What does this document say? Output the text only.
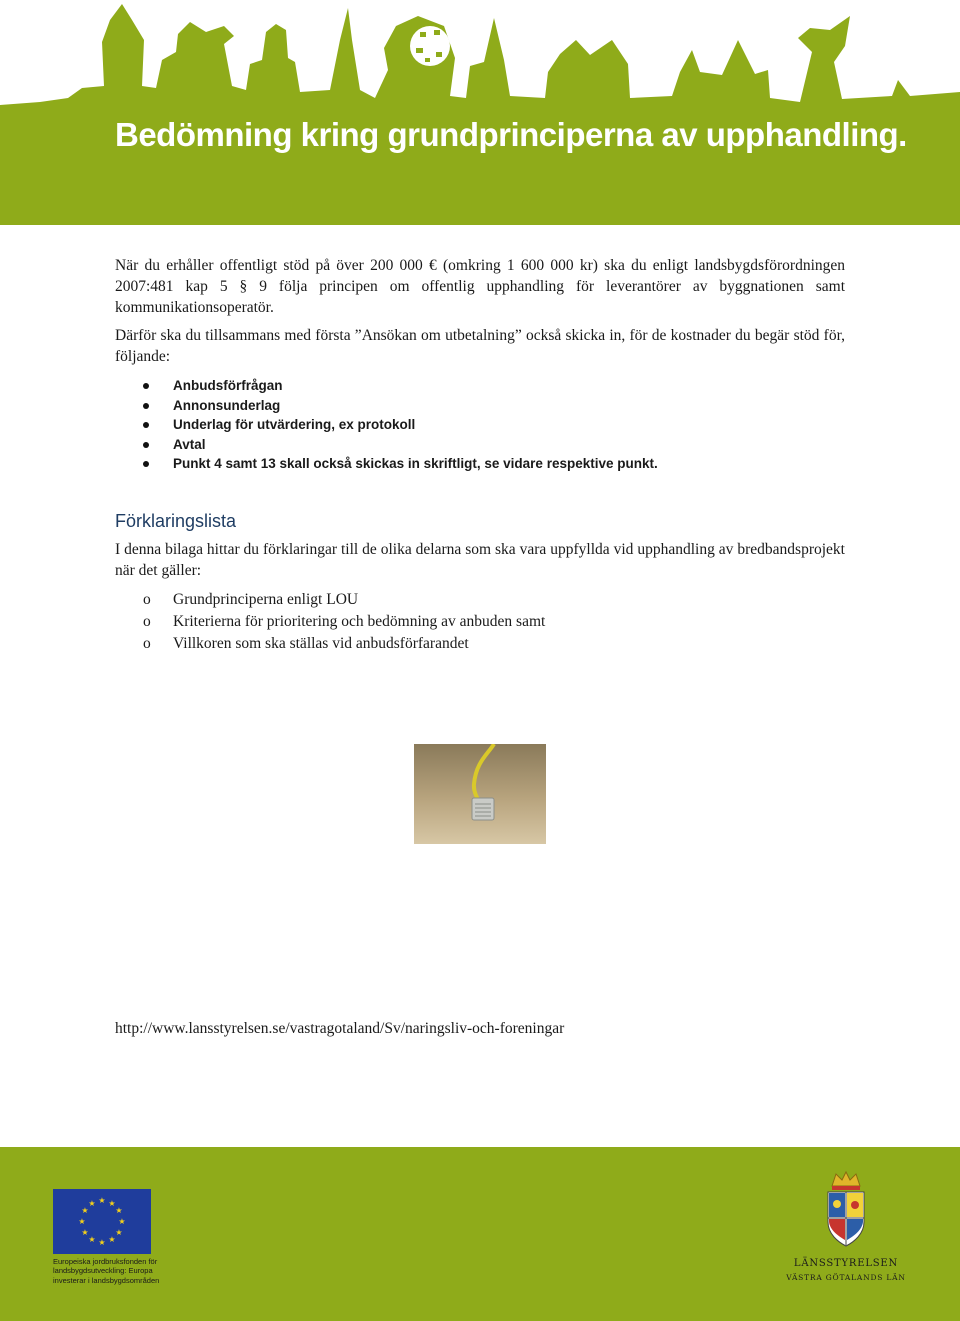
Bedömning kring grundprinciperna av upphandling.

När du erhåller offentligt stöd på över 200 000 € (omkring 1 600 000 kr) ska du enligt landsbygdsförordningen 2007:481 kap 5 § 9 följa principen om offentlig upphandling för leverantörer av byggnationen samt kommunikationsoperatör.

Därför ska du tillsammans med första ”Ansökan om utbetalning” också skicka in, för de kostnader du begär stöd för, följande:

Anbudsförfrågan
Annonsunderlag
Underlag för utvärdering, ex protokoll
Avtal
Punkt 4 samt 13 skall också skickas in skriftligt, se vidare respektive punkt.
Förklaringslista

I denna bilaga hittar du förklaringar till de olika delarna som ska vara uppfyllda vid upphandling av bredbandsprojekt när det gäller:

o Grundprinciperna enligt LOU
o Kriterierna för prioritering och bedömning av anbuden samt
o Villkoren som ska ställas vid anbudsförfarandet

http://www.lansstyrelsen.se/vastragotaland/Sv/naringsliv-och-foreningar

★ ★
★
★
★
★
★
★
★
★
★
★

Europeiska jordbruksfonden för landsbygdsutveckling: Europa investerar i landsbygdsområden

LÄNSSTYRELSEN

VÄSTRA GÖTALANDS LÄN
